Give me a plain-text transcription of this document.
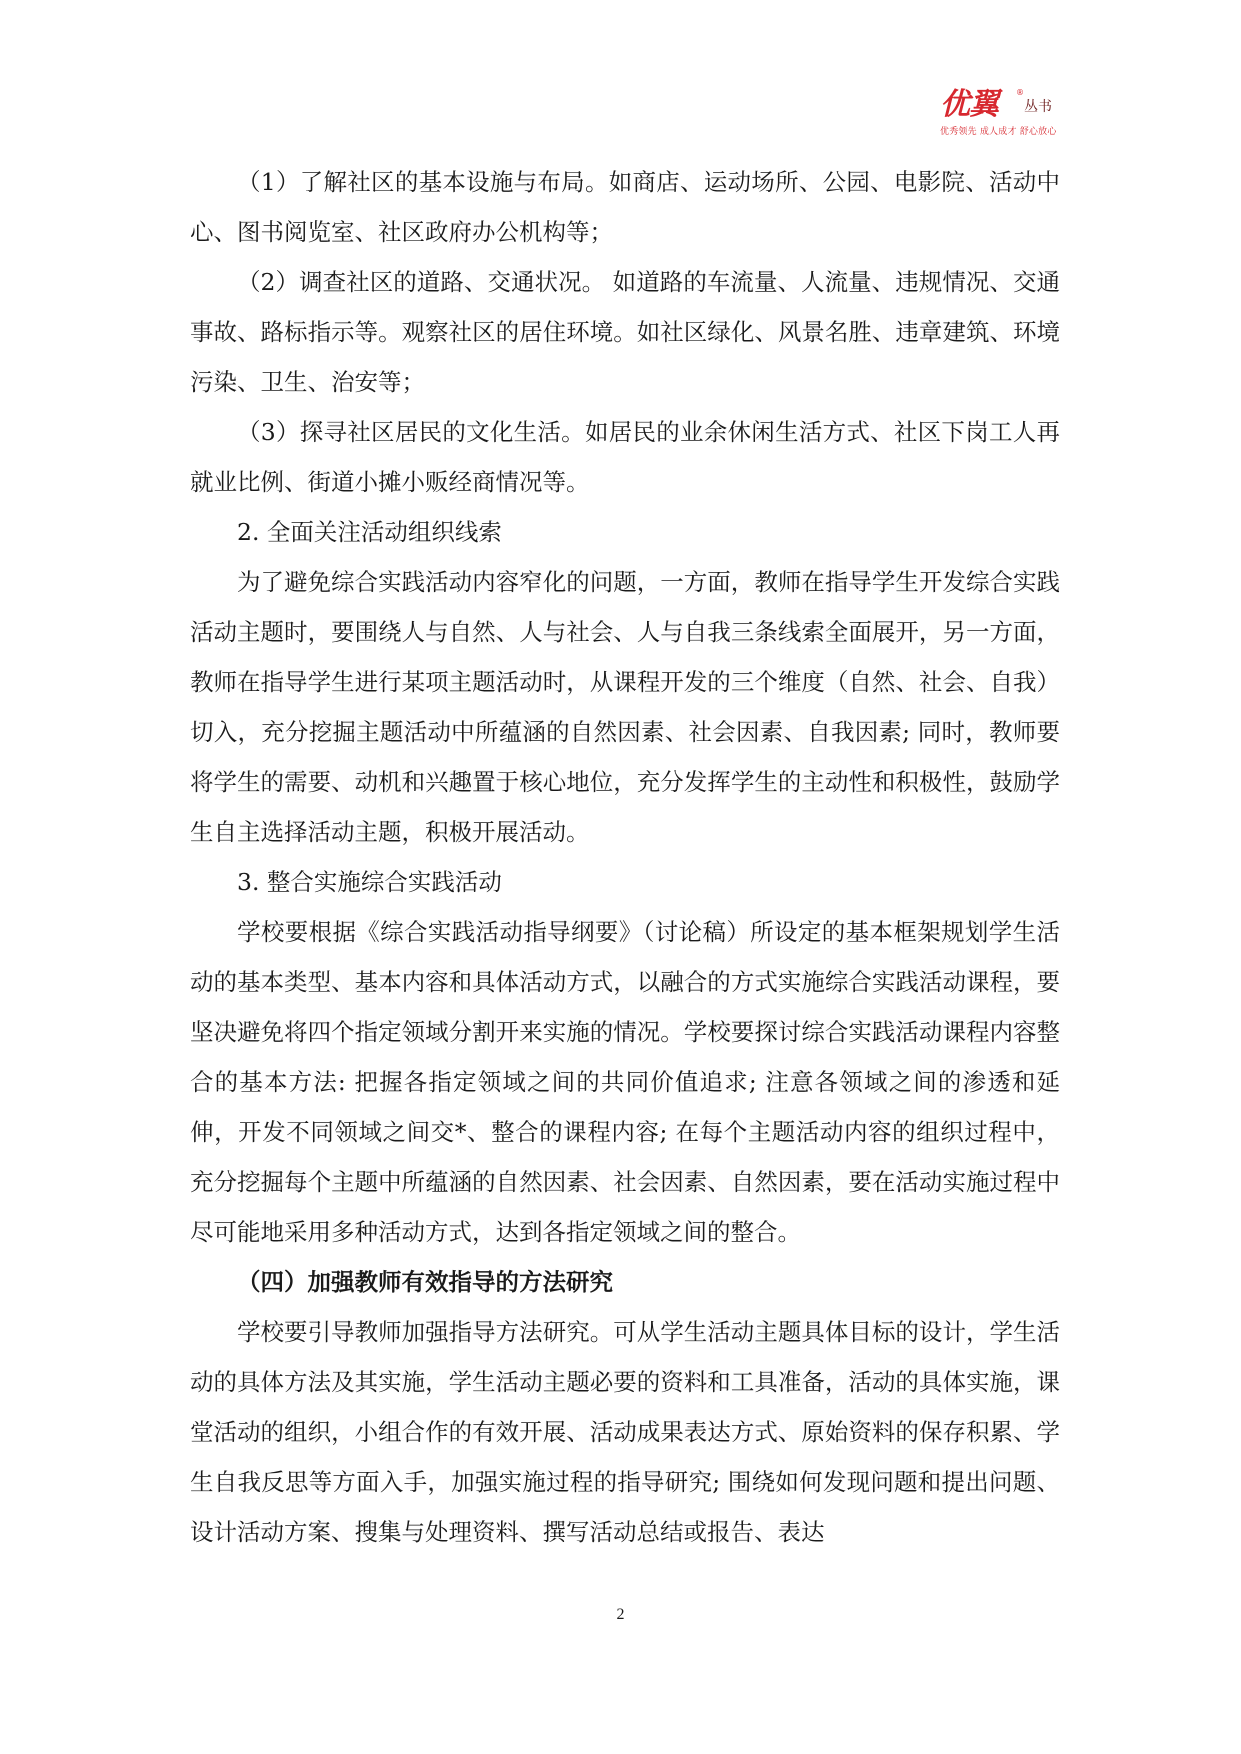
优翼 ®
丛书
优秀领先 成人成才 舒心放心

（1）了解社区的基本设施与布局。如商店、运动场所、公园、电影院、活动中心、图书阅览室、社区政府办公机构等；

（2）调查社区的道路、交通状况。 如道路的车流量、人流量、违规情况、交通事故、路标指示等。观察社区的居住环境。如社区绿化、风景名胜、违章建筑、环境污染、卫生、治安等；

（3）探寻社区居民的文化生活。如居民的业余休闲生活方式、社区下岗工人再就业比例、街道小摊小贩经商情况等。

2. 全面关注活动组织线索

为了避免综合实践活动内容窄化的问题，一方面，教师在指导学生开发综合实践活动主题时，要围绕人与自然、人与社会、人与自我三条线索全面展开，另一方面，教师在指导学生进行某项主题活动时，从课程开发的三个维度（自然、社会、自我）切入，充分挖掘主题活动中所蕴涵的自然因素、社会因素、自我因素; 同时，教师要将学生的需要、动机和兴趣置于核心地位，充分发挥学生的主动性和积极性，鼓励学生自主选择活动主题，积极开展活动。

3. 整合实施综合实践活动

学校要根据《综合实践活动指导纲要》（讨论稿）所设定的基本框架规划学生活动的基本类型、基本内容和具体活动方式，以融合的方式实施综合实践活动课程，要坚决避免将四个指定领域分割开来实施的情况。学校要探讨综合实践活动课程内容整合的基本方法: 把握各指定领域之间的共同价值追求; 注意各领域之间的渗透和延伸，开发不同领域之间交*、整合的课程内容; 在每个主题活动内容的组织过程中，充分挖掘每个主题中所蕴涵的自然因素、社会因素、自然因素，要在活动实施过程中尽可能地采用多种活动方式，达到各指定领域之间的整合。

（四）加强教师有效指导的方法研究

学校要引导教师加强指导方法研究。可从学生活动主题具体目标的设计，学生活动的具体方法及其实施，学生活动主题必要的资料和工具准备，活动的具体实施，课堂活动的组织，小组合作的有效开展、活动成果表达方式、原始资料的保存积累、学生自我反思等方面入手，加强实施过程的指导研究; 围绕如何发现问题和提出问题、设计活动方案、搜集与处理资料、撰写活动总结或报告、表达

2
